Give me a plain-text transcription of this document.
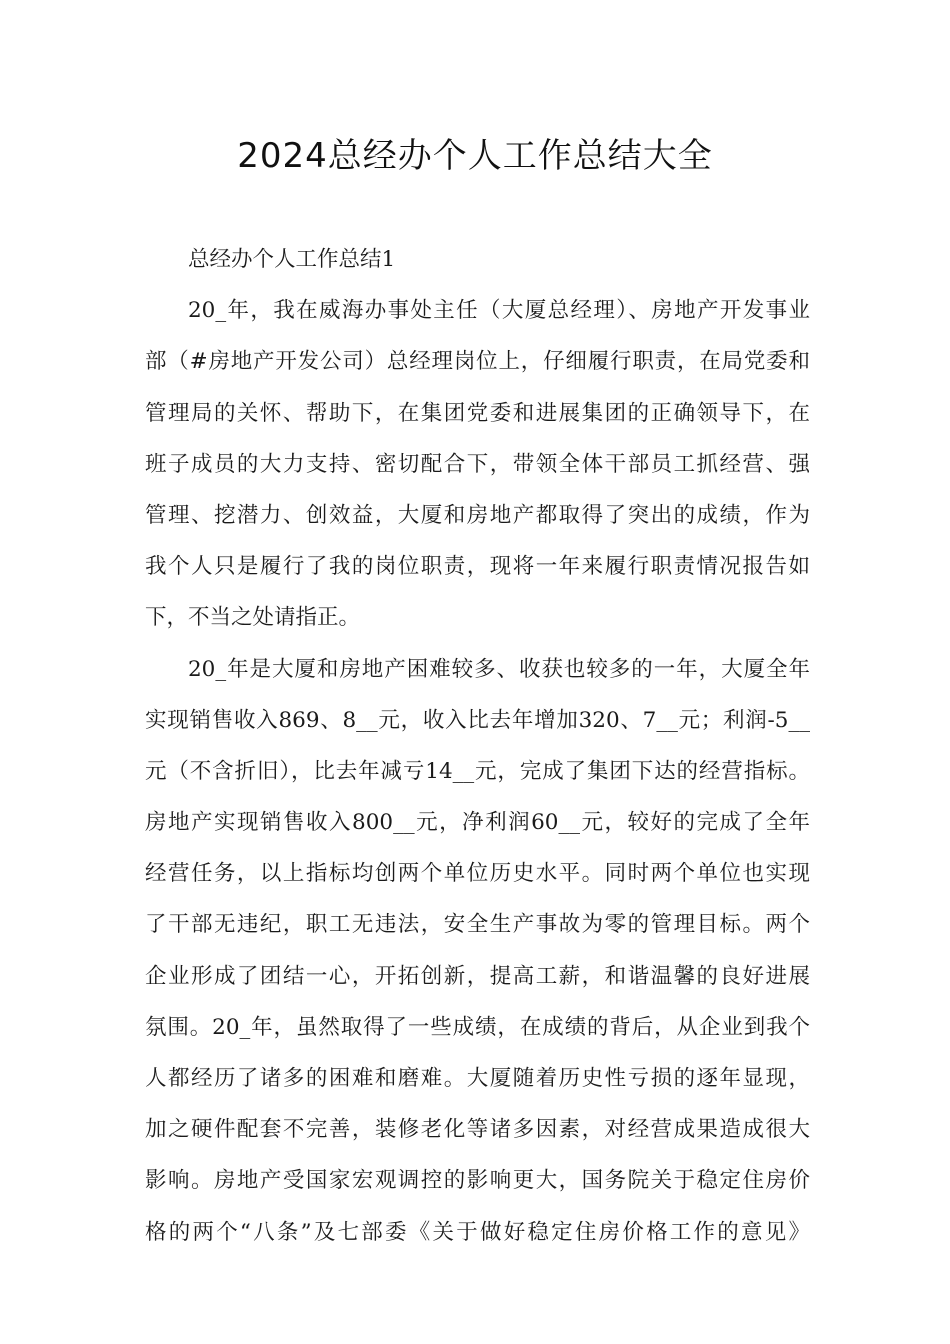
2024总经办个人工作总结大全
总经办个人工作总结1
20_年，我在威海办事处主任（大厦总经理）、房地产开发事业
部（#房地产开发公司）总经理岗位上，仔细履行职责，在局党委和
管理局的关怀、帮助下，在集团党委和进展集团的正确领导下，在
班子成员的大力支持、密切配合下，带领全体干部员工抓经营、强
管理、挖潜力、创效益，大厦和房地产都取得了突出的成绩，作为
我个人只是履行了我的岗位职责，现将一年来履行职责情况报告如
下，不当之处请指正。
20_年是大厦和房地产困难较多、收获也较多的一年，大厦全年
实现销售收入869、8__元，收入比去年增加320、7__元；利润-5__
元（不含折旧），比去年减亏14__元，完成了集团下达的经营指标。
房地产实现销售收入800__元，净利润60__元，较好的完成了全年
经营任务，以上指标均创两个单位历史水平。同时两个单位也实现
了干部无违纪，职工无违法，安全生产事故为零的管理目标。两个
企业形成了团结一心，开拓创新，提高工薪，和谐温馨的良好进展
氛围。20_年，虽然取得了一些成绩，在成绩的背后，从企业到我个
人都经历了诸多的困难和磨难。大厦随着历史性亏损的逐年显现，
加之硬件配套不完善，装修老化等诸多因素，对经营成果造成很大
影响。房地产受国家宏观调控的影响更大，国务院关于稳定住房价
格的两个“八条”及七部委《关于做好稳定住房价格工作的意见》
